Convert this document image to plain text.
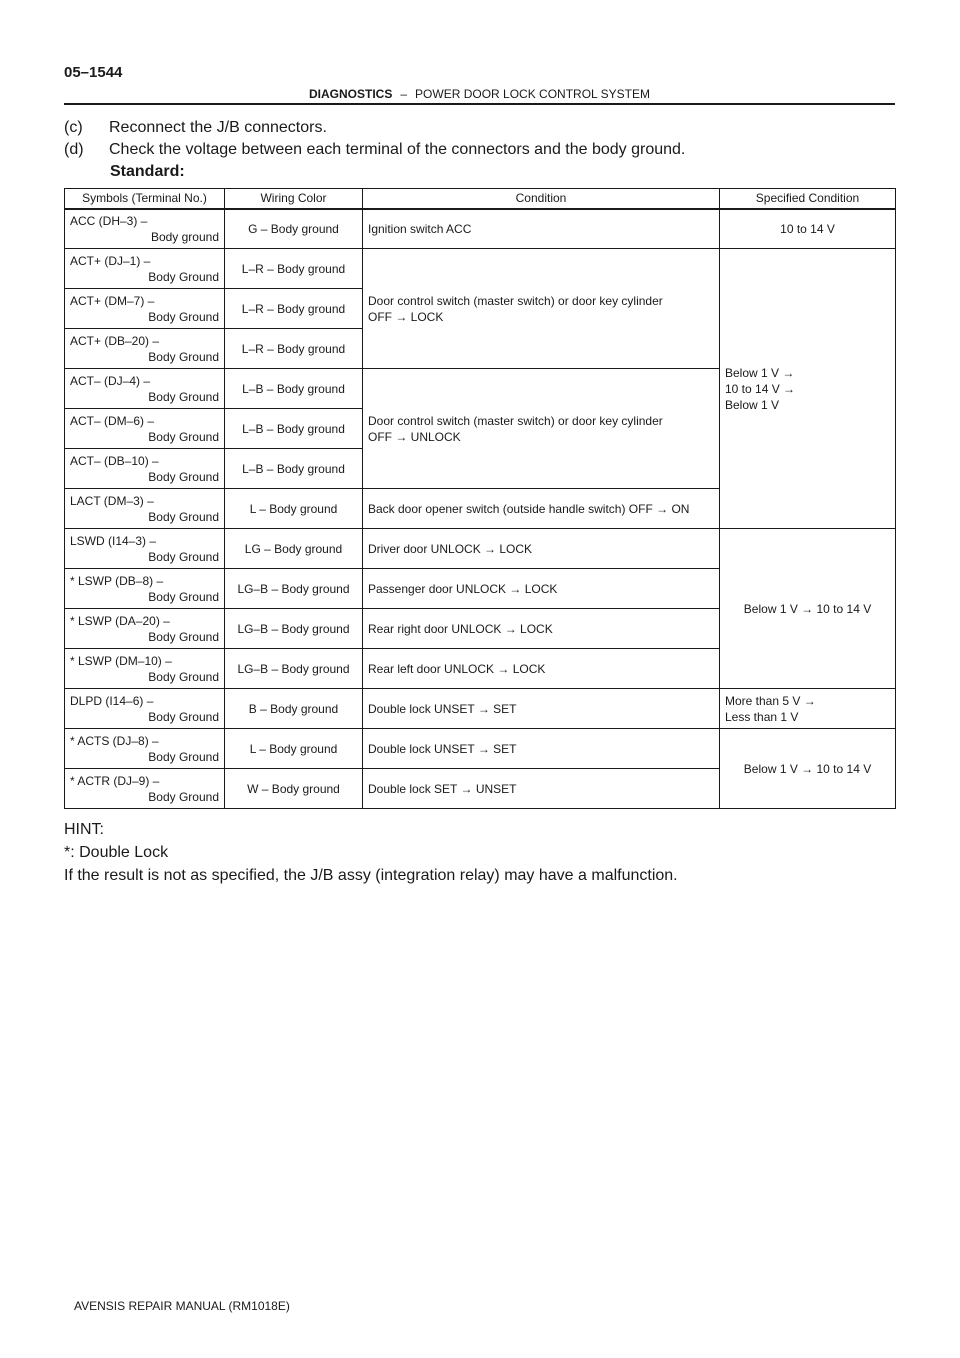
05–1544
DIAGNOSTICS – POWER DOOR LOCK CONTROL SYSTEM
(c) Reconnect the J/B connectors.
(d) Check the voltage between each terminal of the connectors and the body ground.
Standard:
Symbols (Terminal No.)	Wiring Color	Condition	Specified Condition

ACC (DH–3) –
Body ground	G – Body ground	Ignition switch ACC	10 to 14 V

ACT+ (DJ–1) –
Body Ground	L–R – Body ground	Door control switch (master switch) or door key cylinder
OFF → LOCK	Below 1 V →
10 to 14 V →
Below 1 V

ACT+ (DM–7) –
Body Ground	L–R – Body ground		

ACT+ (DB–20) –
Body Ground	L–R – Body ground		

ACT– (DJ–4) –
Body Ground	L–B – Body ground	Door control switch (master switch) or door key cylinder
OFF → UNLOCK	

ACT– (DM–6) –
Body Ground	L–B – Body ground		

ACT– (DB–10) –
Body Ground	L–B – Body ground		

LACT (DM–3) –
Body Ground	L – Body ground	Back door opener switch (outside handle switch) OFF → ON	

LSWD (I14–3) –
Body Ground	LG – Body ground	Driver door UNLOCK → LOCK	Below 1 V → 10 to 14 V

* LSWP (DB–8) –
Body Ground	LG–B – Body ground	Passenger door UNLOCK → LOCK	

* LSWP (DA–20) –
Body Ground	LG–B – Body ground	Rear right door UNLOCK → LOCK	

* LSWP (DM–10) –
Body Ground	LG–B – Body ground	Rear left door UNLOCK → LOCK	

DLPD (I14–6) –
Body Ground	B – Body ground	Double lock UNSET → SET	More than 5 V →
Less than 1 V

* ACTS (DJ–8) –
Body Ground	L – Body ground	Double lock UNSET → SET	Below 1 V → 10 to 14 V

* ACTR (DJ–9) –
Body Ground	W – Body ground	Double lock SET → UNSET	
HINT:
*: Double Lock
If the result is not as specified, the J/B assy (integration relay) may have a malfunction.
AVENSIS REPAIR MANUAL (RM1018E)
